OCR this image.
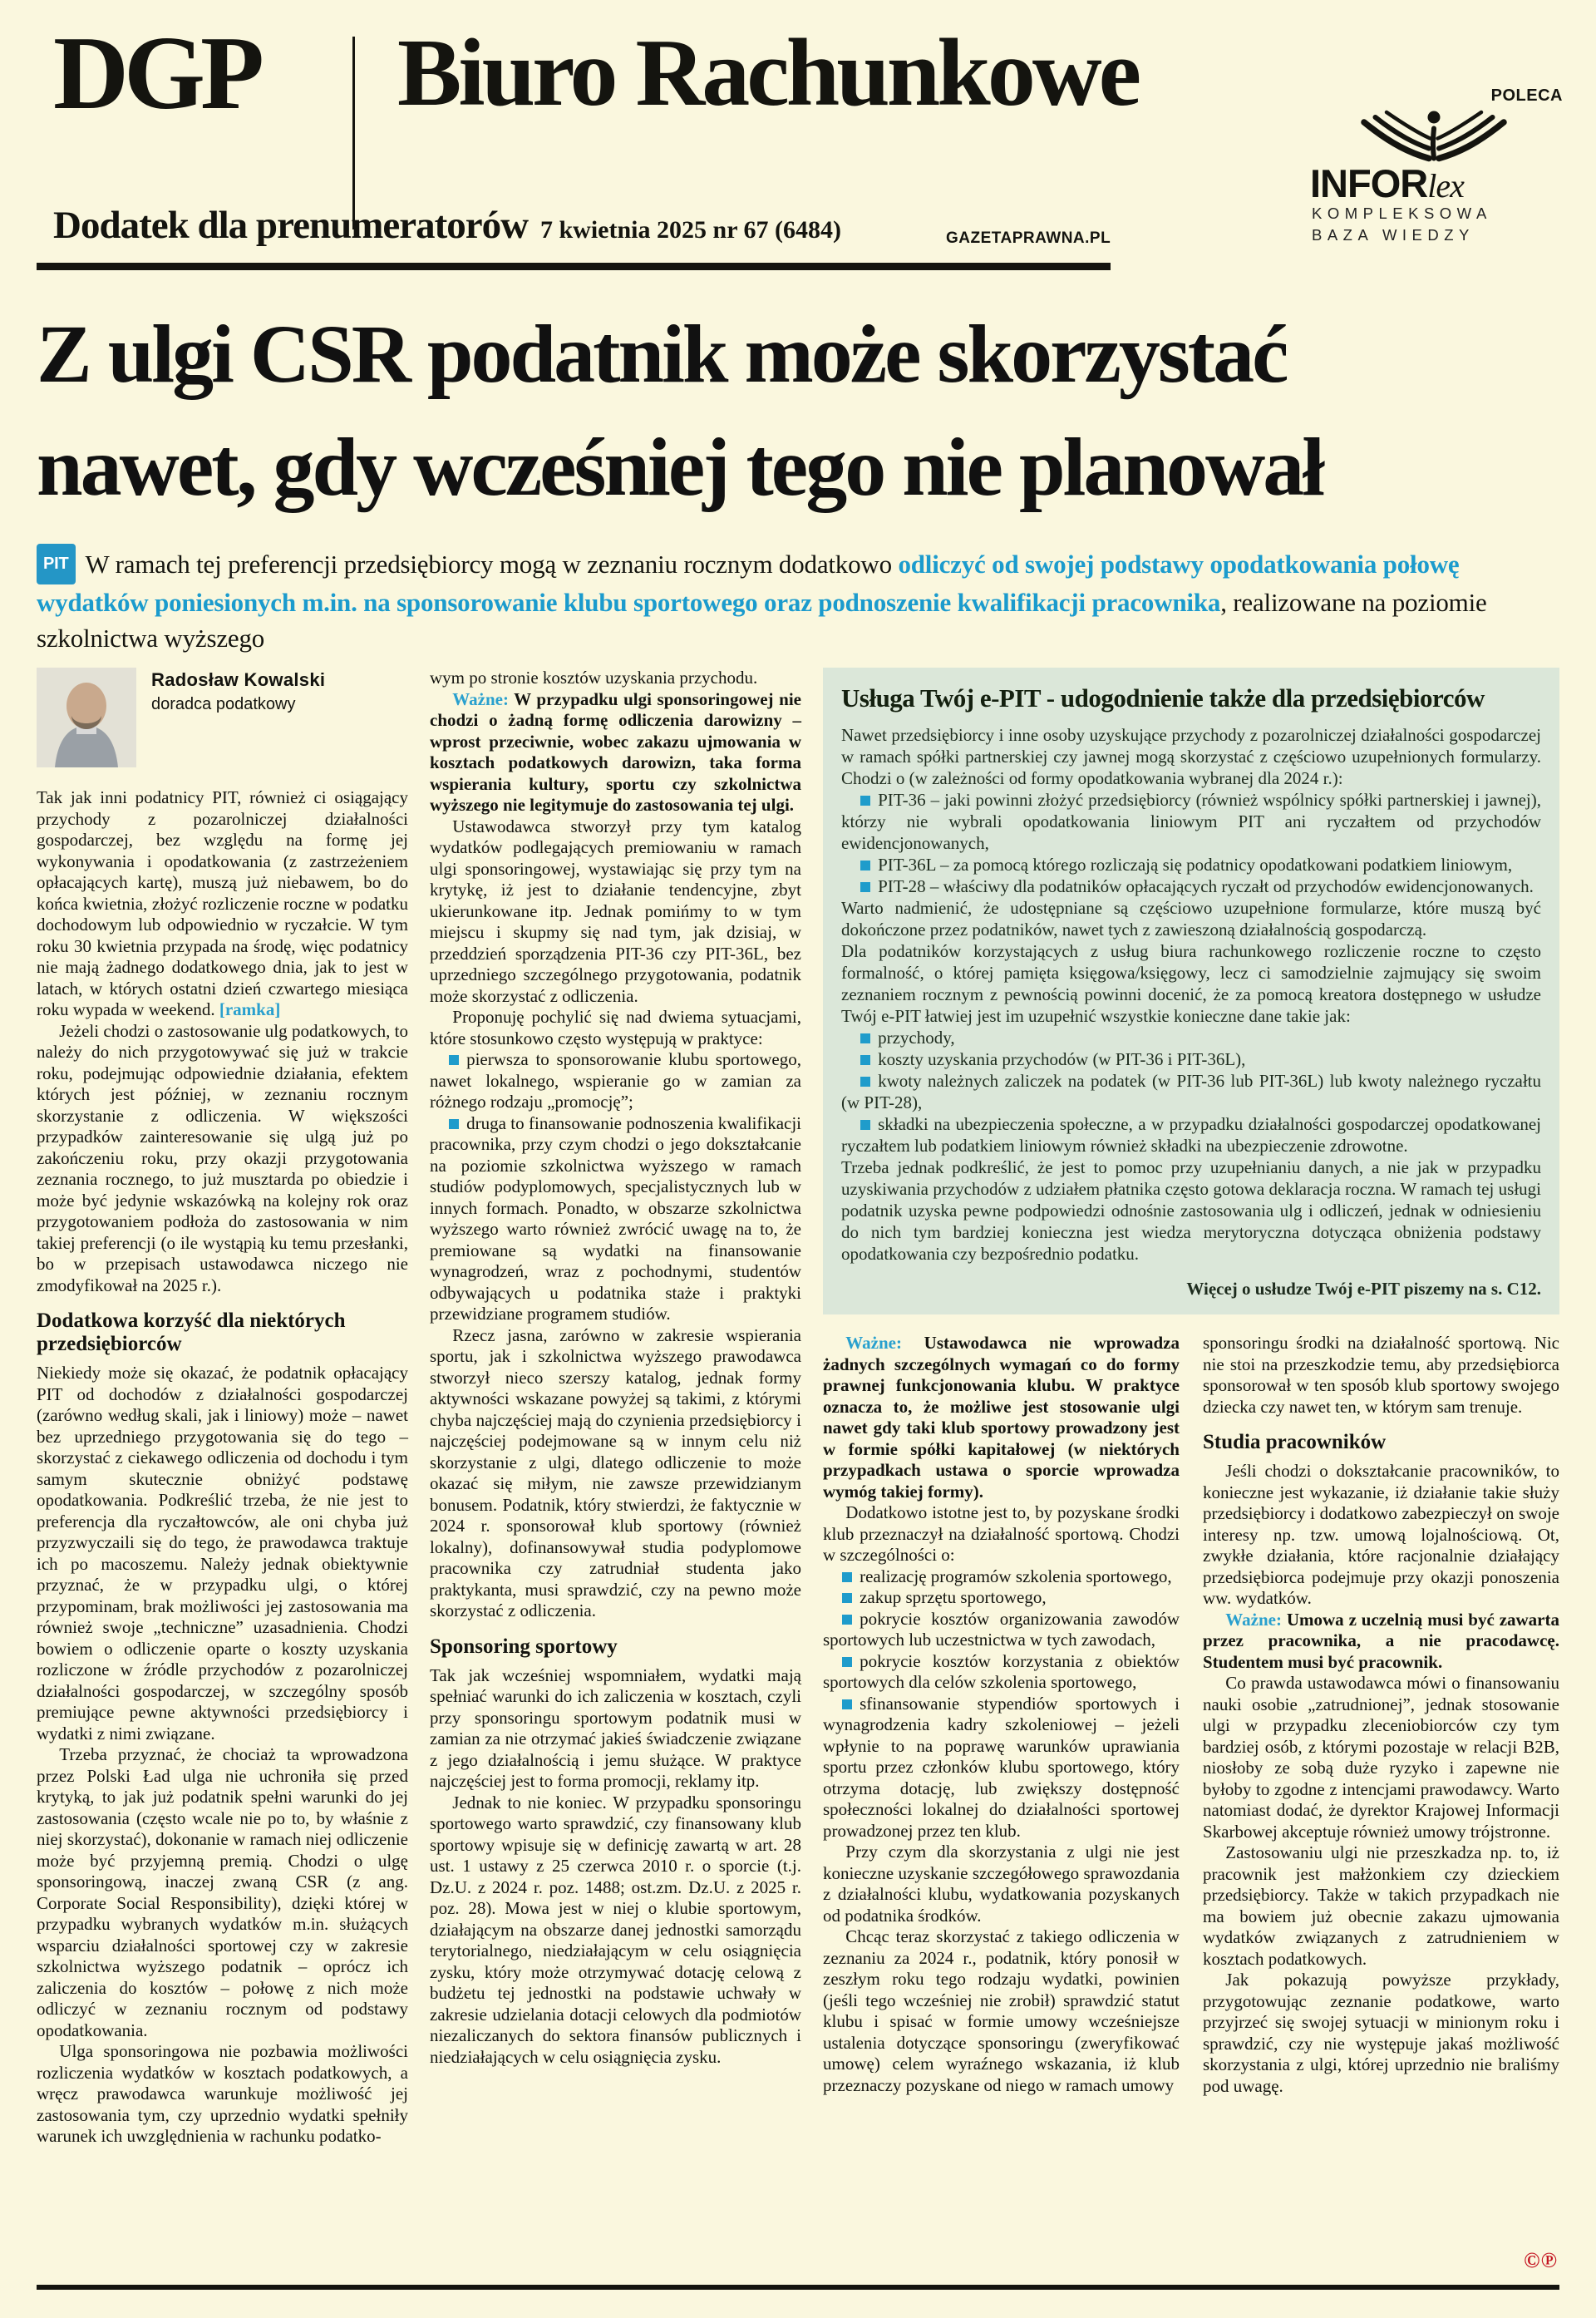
DGP Biuro Rachunkowe
Dodatek dla prenumeratorów 7 kwietnia 2025 nr 67 (6484)	GAZETAPRAWNA.PL
POLECA
INFORlex
KOMPLEKSOWA
BAZA WIEDZY
Z ulgi CSR podatnik może skorzystać
nawet, gdy wcześniej tego nie planował

PIT W ramach tej preferencji przedsiębiorcy mogą w zeznaniu rocznym dodatkowo odliczyć od swojej podstawy opodatkowania połowę wydatków poniesionych m.in. na sponsorowanie klubu sportowego oraz podnoszenie kwalifikacji pracownika, realizowane na poziomie szkolnictwa wyższego

Radosław Kowalski
doradca podatkowy

Tak jak inni podatnicy PIT, również ci osiągający przychody z pozarolniczej działalności gospodarczej, bez względu na formę jej wykonywania i opodatkowania (z zastrzeżeniem opłacających kartę), muszą już niebawem, bo do końca kwietnia, złożyć rozliczenie roczne w podatku dochodowym lub odpowiednio w ryczałcie. W tym roku 30 kwietnia przypada na środę, więc podatnicy nie mają żadnego dodatkowego dnia, jak to jest w latach, w których ostatni dzień czwartego miesiąca roku wypada w weekend. [ramka]

Jeżeli chodzi o zastosowanie ulg podatkowych, to należy do nich przygotowywać się już w trakcie roku, podejmując odpowiednie działania, efektem których jest później, w zeznaniu rocznym skorzystanie z odliczenia. W większości przypadków zainteresowanie się ulgą już po zakończeniu roku, przy okazji przygotowania zeznania rocznego, to już musztarda po obiedzie i może być jedynie wskazówką na kolejny rok oraz przygotowaniem podłoża do zastosowania w nim takiej preferencji (o ile wystąpią ku temu przesłanki, bo w przepisach ustawodawca niczego nie zmodyfikował na 2025 r.).

Dodatkowa korzyść dla niektórych przedsiębiorców

Niekiedy może się okazać, że podatnik opłacający PIT od dochodów z działalności gospodarczej (zarówno według skali, jak i liniowy) może – nawet bez uprzedniego przygotowania się do tego – skorzystać z ciekawego odliczenia od dochodu i tym samym skutecznie obniżyć podstawę opodatkowania. Podkreślić trzeba, że nie jest to preferencja dla ryczałtowców, ale oni chyba już przyzwyczaili się do tego, że prawodawca traktuje ich po macoszemu. Należy jednak obiektywnie przyznać, że w przypadku ulgi, o której przypominam, brak możliwości jej zastosowania ma również swoje „techniczne” uzasadnienia. Chodzi bowiem o odliczenie oparte o koszty uzyskania rozliczone w źródle przychodów z pozarolniczej działalności gospodarczej, w szczególny sposób premiujące pewne aktywności przedsiębiorcy i wydatki z nimi związane.

Trzeba przyznać, że chociaż ta wprowadzona przez Polski Ład ulga nie uchroniła się przed krytyką, to jak już podatnik spełni warunki do jej zastosowania (często wcale nie po to, by właśnie z niej skorzystać), dokonanie w ramach niej odliczenie może być przyjemną premią. Chodzi o ulgę sponsoringową, inaczej zwaną CSR (z ang. Corporate Social Responsibility), dzięki której w przypadku wybranych wydatków m.in. służących wsparciu działalności sportowej czy w zakresie szkolnictwa wyższego podatnik – oprócz ich zaliczenia do kosztów – połowę z nich może odliczyć w zeznaniu rocznym od podstawy opodatkowania.

Ulga sponsoringowa nie pozbawia możliwości rozliczenia wydatków w kosztach podatkowych, a wręcz prawodawca warunkuje możliwość jej zastosowania tym, czy uprzednio wydatki spełniły warunek ich uwzględnienia w rachunku podatko-

wym po stronie kosztów uzyskania przychodu.

Ważne: W przypadku ulgi sponsoringowej nie chodzi o żadną formę odliczenia darowizny – wprost przeciwnie, wobec zakazu ujmowania w kosztach podatkowych darowizn, taka forma wspierania kultury, sportu czy szkolnictwa wyższego nie legitymuje do zastosowania tej ulgi.

Ustawodawca stworzył przy tym katalog wydatków podlegających premiowaniu w ramach ulgi sponsoringowej, wystawiając się przy tym na krytykę, iż jest to działanie tendencyjne, zbyt ukierunkowane itp. Jednak pomińmy to w tym miejscu i skupmy się nad tym, jak dzisiaj, w przeddzień sporządzenia PIT-36 czy PIT-36L, bez uprzedniego szczególnego przygotowania, podatnik może skorzystać z odliczenia.

Proponuję pochylić się nad dwiema sytuacjami, które stosunkowo często występują w praktyce:

pierwsza to sponsorowanie klubu sportowego, nawet lokalnego, wspieranie go w zamian za różnego rodzaju „promocję”;

druga to finansowanie podnoszenia kwalifikacji pracownika, przy czym chodzi o jego dokształcanie na poziomie szkolnictwa wyższego w ramach studiów podyplomowych, specjalistycznych lub w innych formach. Ponadto, w obszarze szkolnictwa wyższego warto również zwrócić uwagę na to, że premiowane są wydatki na finansowanie wynagrodzeń, wraz z pochodnymi, studentów odbywających u podatnika staże i praktyki przewidziane programem studiów.

Rzecz jasna, zarówno w zakresie wspierania sportu, jak i szkolnictwa wyższego prawodawca stworzył nieco szerszy katalog, jednak formy aktywności wskazane powyżej są takimi, z którymi chyba najczęściej mają do czynienia przedsiębiorcy i najczęściej podejmowane są w innym celu niż skorzystanie z ulgi, dlatego odliczenie to może okazać się miłym, nie zawsze przewidzianym bonusem. Podatnik, który stwierdzi, że faktycznie w 2024 r. sponsorował klub sportowy (również lokalny), dofinansowywał studia podyplomowe pracownika czy zatrudniał studenta jako praktykanta, musi sprawdzić, czy na pewno może skorzystać z odliczenia.

Sponsoring sportowy

Tak jak wcześniej wspomniałem, wydatki mają spełniać warunki do ich zaliczenia w kosztach, czyli przy sponsoringu sportowym podatnik musi w zamian za nie otrzymać jakieś świadczenie związane z jego działalnością i jemu służące. W praktyce najczęściej jest to forma promocji, reklamy itp.

Jednak to nie koniec. W przypadku sponsoringu sportowego warto sprawdzić, czy finansowany klub sportowy wpisuje się w definicję zawartą w art. 28 ust. 1 ustawy z 25 czerwca 2010 r. o sporcie (t.j. Dz.U. z 2024 r. poz. 1488; ost.zm. Dz.U. z 2025 r. poz. 28). Mowa jest w niej o klubie sportowym, działającym na obszarze danej jednostki samorządu terytorialnego, niedziałającym w celu osiągnięcia zysku, który może otrzymywać dotację celową z budżetu tej jednostki na podstawie uchwały w zakresie udzielania dotacji celowych dla podmiotów niezaliczanych do sektora finansów publicznych i niedziałających w celu osiągnięcia zysku.

Usługa Twój e-PIT - udogodnienie także dla przedsiębiorców

Nawet przedsiębiorcy i inne osoby uzyskujące przychody z pozarolniczej działalności gospodarczej w ramach spółki partnerskiej czy jawnej mogą skorzystać z częściowo uzupełnionych formularzy. Chodzi o (w zależności od formy opodatkowania wybranej dla 2024 r.):

PIT-36 – jaki powinni złożyć przedsiębiorcy (również wspólnicy spółki partnerskiej i jawnej), którzy nie wybrali opodatkowania liniowym PIT ani ryczałtem od przychodów ewidencjonowanych,

PIT-36L – za pomocą którego rozliczają się podatnicy opodatkowani podatkiem liniowym,

PIT-28 – właściwy dla podatników opłacających ryczałt od przychodów ewidencjonowanych.

Warto nadmienić, że udostępniane są częściowo uzupełnione formularze, które muszą być dokończone przez podatników, nawet tych z zawieszoną działalnością gospodarczą.

Dla podatników korzystających z usług biura rachunkowego rozliczenie roczne to często formalność, o której pamięta księgowa/księgowy, lecz ci samodzielnie zajmujący się swoim zeznaniem rocznym z pewnością powinni docenić, że za pomocą kreatora dostępnego w usłudze Twój e-PIT łatwiej jest im uzupełnić wszystkie konieczne dane takie jak:

przychody,

koszty uzyskania przychodów (w PIT-36 i PIT-36L),

kwoty należnych zaliczek na podatek (w PIT-36 lub PIT-36L) lub kwoty należnego ryczałtu (w PIT-28),

składki na ubezpieczenia społeczne, a w przypadku działalności gospodarczej opodatkowanej ryczałtem lub podatkiem liniowym również składki na ubezpieczenie zdrowotne.

Trzeba jednak podkreślić, że jest to pomoc przy uzupełnianiu danych, a nie jak w przypadku uzyskiwania przychodów z udziałem płatnika często gotowa deklaracja roczna. W ramach tej usługi podatnik uzyska pewne podpowiedzi odnośnie zastosowania ulg i odliczeń, jednak w odniesieniu do nich tym bardziej konieczna jest wiedza merytoryczna dotycząca obniżenia podstawy opodatkowania czy bezpośrednio podatku.

Więcej o usłudze Twój e-PIT piszemy na s. C12.

Ważne: Ustawodawca nie wprowadza żadnych szczególnych wymagań co do formy prawnej funkcjonowania klubu. W praktyce oznacza to, że możliwe jest stosowanie ulgi nawet gdy taki klub sportowy prowadzony jest w formie spółki kapitałowej (w niektórych przypadkach ustawa o sporcie wprowadza wymóg takiej formy).

Dodatkowo istotne jest to, by pozyskane środki klub przeznaczył na działalność sportową. Chodzi w szczególności o:

realizację programów szkolenia sportowego,

zakup sprzętu sportowego,

pokrycie kosztów organizowania zawodów sportowych lub uczestnictwa w tych zawodach,

pokrycie kosztów korzystania z obiektów sportowych dla celów szkolenia sportowego,

sfinansowanie stypendiów sportowych i wynagrodzenia kadry szkoleniowej – jeżeli wpłynie to na poprawę warunków uprawiania sportu przez członków klubu sportowego, który otrzyma dotację, lub zwiększy dostępność społeczności lokalnej do działalności sportowej prowadzonej przez ten klub.

Przy czym dla skorzystania z ulgi nie jest konieczne uzyskanie szczegółowego sprawozdania z działalności klubu, wydatkowania pozyskanych od podatnika środków.

Chcąc teraz skorzystać z takiego odliczenia w zeznaniu za 2024 r., podatnik, który ponosił w zeszłym roku tego rodzaju wydatki, powinien (jeśli tego wcześniej nie zrobił) sprawdzić statut klubu i spisać w formie umowy wcześniejsze ustalenia dotyczące sponsoringu (zweryfikować umowę) celem wyraźnego wskazania, iż klub przeznaczy pozyskane od niego w ramach umowy

sponsoringu środki na działalność sportową. Nic nie stoi na przeszkodzie temu, aby przedsiębiorca sponsorował w ten sposób klub sportowy swojego dziecka czy nawet ten, w którym sam trenuje.

Studia pracowników

Jeśli chodzi o dokształcanie pracowników, to konieczne jest wykazanie, iż działanie takie służy przedsiębiorcy i dodatkowo zabezpieczył on swoje interesy np. tzw. umową lojalnościową. Ot, zwykłe działania, które racjonalnie działający przedsiębiorca podejmuje przy okazji ponoszenia ww. wydatków.

Ważne: Umowa z uczelnią musi być zawarta przez pracownika, a nie pracodawcę. Studentem musi być pracownik.

Co prawda ustawodawca mówi o finansowaniu nauki osobie „zatrudnionej”, jednak stosowanie ulgi w przypadku zleceniobiorców czy tym bardziej osób, z którymi pozostaje w relacji B2B, niosłoby ze sobą duże ryzyko i zapewne nie byłoby to zgodne z intencjami prawodawcy. Warto natomiast dodać, że dyrektor Krajowej Informacji Skarbowej akceptuje również umowy trójstronne.

Zastosowaniu ulgi nie przeszkadza np. to, iż pracownik jest małżonkiem czy dzieckiem przedsiębiorcy. Także w takich przypadkach nie ma bowiem już obecnie zakazu ujmowania wydatków związanych z zatrudnieniem w kosztach podatkowych.

Jak pokazują powyższe przykłady, przygotowując zeznanie podatkowe, warto przyjrzeć się swojej sytuacji w minionym roku i sprawdzić, czy nie występuje jakaś możliwość skorzystania z ulgi, której uprzednio nie braliśmy pod uwagę.

©℗
